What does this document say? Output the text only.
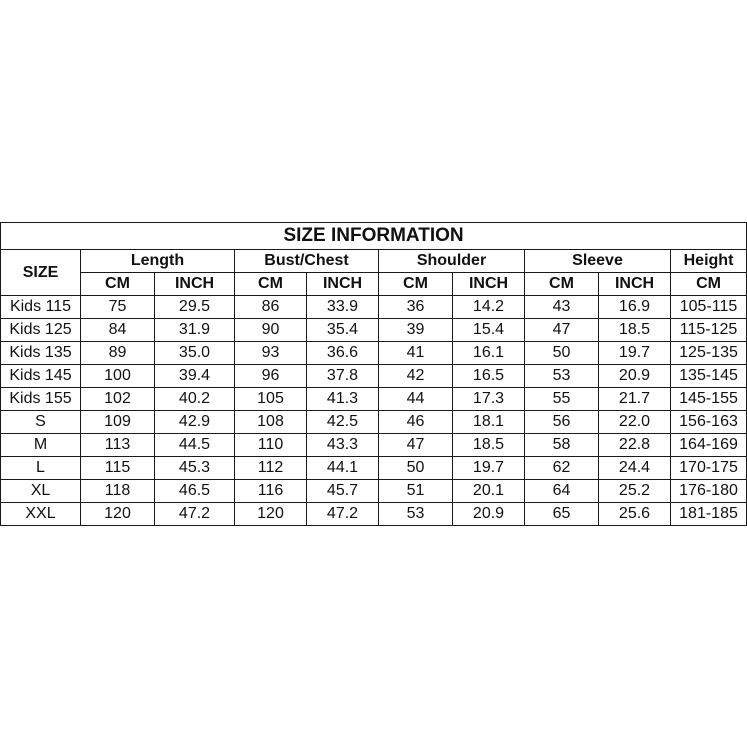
SIZE INFORMATION									
SIZE	Length		Bust/Chest		Shoulder		Sleeve		Height
	CM	INCH	CM	INCH	CM	INCH	CM	INCH	CM
Kids 115	75	29.5	86	33.9	36	14.2	43	16.9	105-115
Kids 125	84	31.9	90	35.4	39	15.4	47	18.5	115-125
Kids 135	89	35.0	93	36.6	41	16.1	50	19.7	125-135
Kids 145	100	39.4	96	37.8	42	16.5	53	20.9	135-145
Kids 155	102	40.2	105	41.3	44	17.3	55	21.7	145-155
S	109	42.9	108	42.5	46	18.1	56	22.0	156-163
M	113	44.5	110	43.3	47	18.5	58	22.8	164-169
L	115	45.3	112	44.1	50	19.7	62	24.4	170-175
XL	118	46.5	116	45.7	51	20.1	64	25.2	176-180
XXL	120	47.2	120	47.2	53	20.9	65	25.6	181-185
